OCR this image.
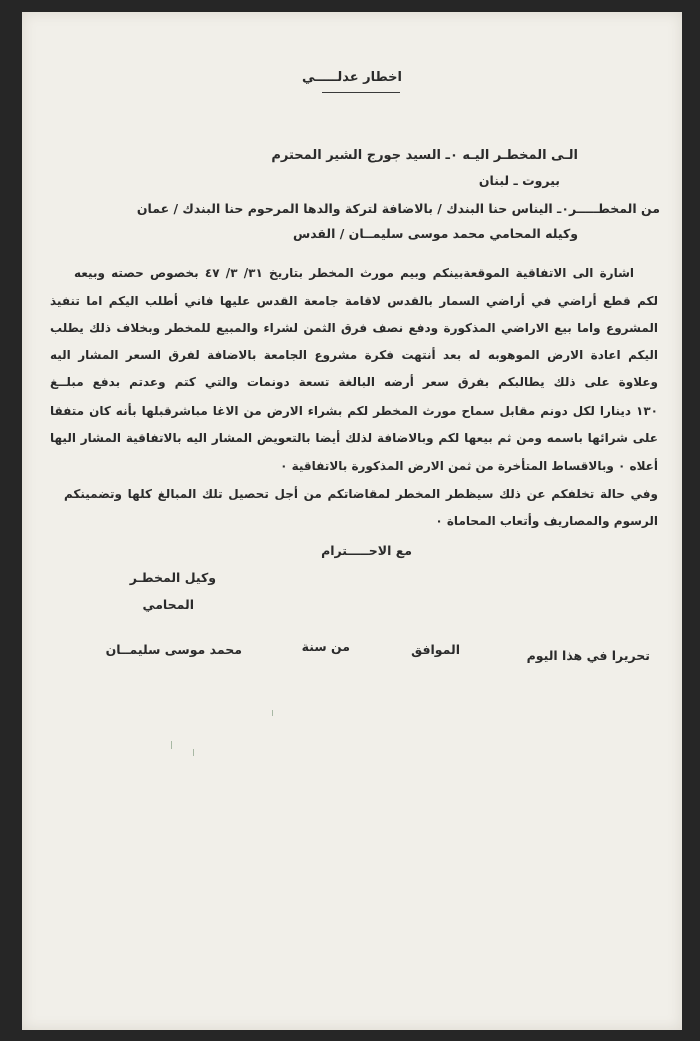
اخطار عدلـــــي
الـى المخطـر اليـه ٠ـ السيد جورج الشير المحترم
بيروت ـ لبنان
من المخطـــــر٠ـ اليناس حنا البندك / بالاضافة لتركة والدها المرحوم حنا البندك / عمان
وكيله المحامي محمد موسى سليمــان / القدس
اشارة الى الاتفاقية الموقعةبينكم وبيم مورث المخطر بتاريخ ٣١/ ٣/ ٤٧ بخصوص حصته وبيعه
لكم قطع أراضي في أراضي السمار بالقدس لاقامة جامعة القدس عليها فاني أطلب اليكم اما تنفيذ
المشروع واما بيع الاراضي المذكورة ودفع نصف فرق الثمن لشراء والمبيع للمخطر وبخلاف ذلك يطلب
اليكم اعادة الارض الموهوبه له بعد أنتهت فكرة مشروع الجامعة بالاضافة لفرق السعر المشار اليه
وعلاوة على ذلك يطالبكم بفرق سعر أرضه البالغة تسعة دونمات والتي كتم وعدتم بدفع مبلــغ
١٣٠ دينارا لكل دونم مقابل سماح مورث المخطر لكم بشراء الارض من الاغا مباشرقبلها بأنه كان متفقا
على شرائها باسمه ومن ثم بيعها لكم وبالاضافة لذلك أيضا بالتعويض المشار اليه بالاتفاقية المشار اليها
أعلاه ٠ وبالاقساط المتأخرة من ثمن الارض المذكورة بالاتفاقية ٠
وفي حالة تخلفكم عن ذلك سيظطر المخطر لمقاضاتكم من أجل تحصيل تلك المبالغ كلها وتضمينكم
الرسوم والمصاريف وأتعاب المحاماة ٠
مع الاحـــــترام
وكيل المخطـر
المحامي
محمد موسى سليمــان	من سنة	الموافق	تحريرا في هذا اليوم
